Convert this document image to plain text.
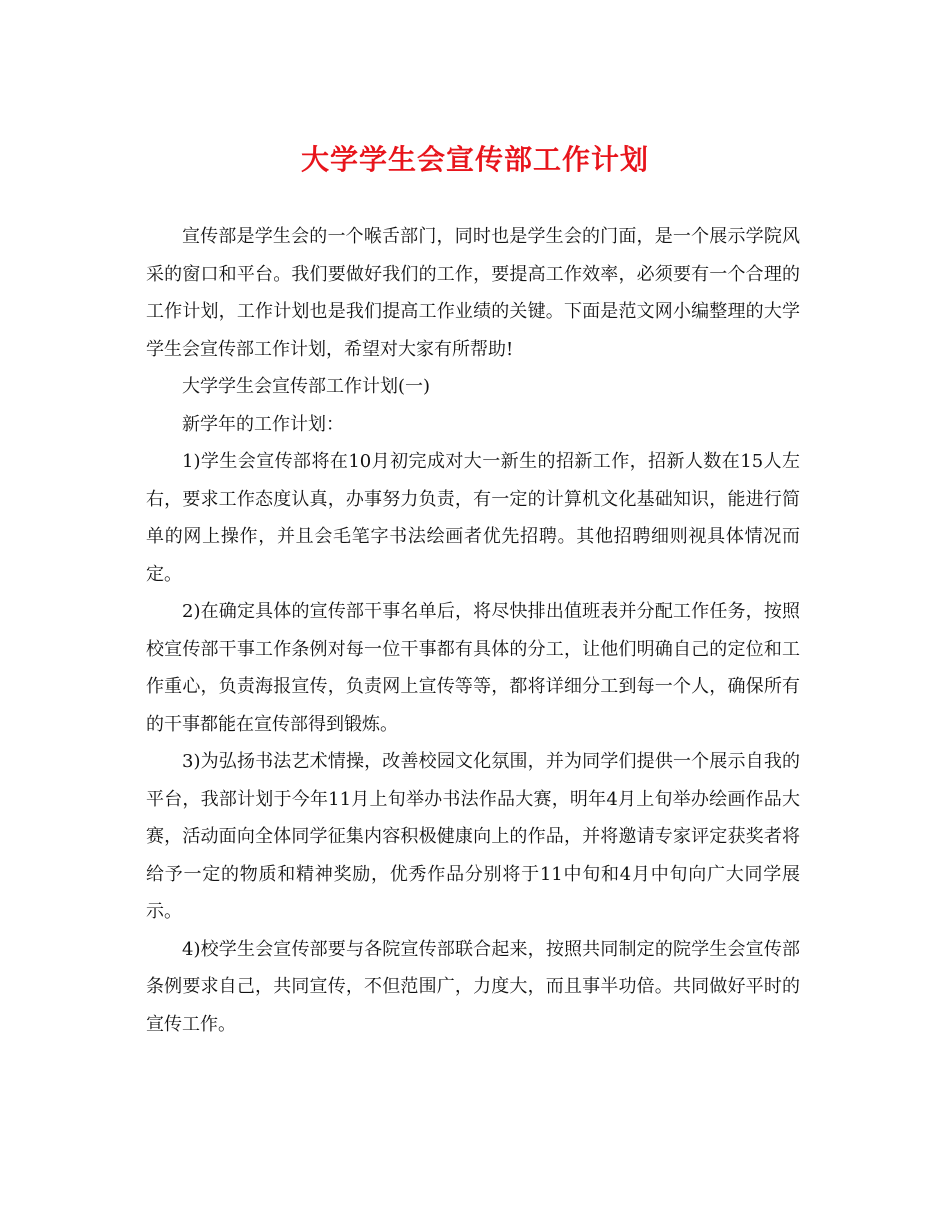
大学学生会宣传部工作计划

宣传部是学生会的一个喉舌部门，同时也是学生会的门面，是一个展示学院风采的窗口和平台。我们要做好我们的工作，要提高工作效率，必须要有一个合理的工作计划，工作计划也是我们提高工作业绩的关键。下面是范文网小编整理的大学学生会宣传部工作计划，希望对大家有所帮助!

大学学生会宣传部工作计划(一)

新学年的工作计划：

1)学生会宣传部将在10月初完成对大一新生的招新工作，招新人数在15人左右，要求工作态度认真，办事努力负责，有一定的计算机文化基础知识，能进行简单的网上操作，并且会毛笔字书法绘画者优先招聘。其他招聘细则视具体情况而定。

2)在确定具体的宣传部干事名单后，将尽快排出值班表并分配工作任务，按照校宣传部干事工作条例对每一位干事都有具体的分工，让他们明确自己的定位和工作重心，负责海报宣传，负责网上宣传等等，都将详细分工到每一个人，确保所有的干事都能在宣传部得到锻炼。

3)为弘扬书法艺术情操，改善校园文化氛围，并为同学们提供一个展示自我的平台，我部计划于今年11月上旬举办书法作品大赛，明年4月上旬举办绘画作品大赛，活动面向全体同学征集内容积极健康向上的作品，并将邀请专家评定获奖者将给予一定的物质和精神奖励，优秀作品分别将于11中旬和4月中旬向广大同学展示。

4)校学生会宣传部要与各院宣传部联合起来，按照共同制定的院学生会宣传部条例要求自己，共同宣传，不但范围广，力度大，而且事半功倍。共同做好平时的宣传工作。
